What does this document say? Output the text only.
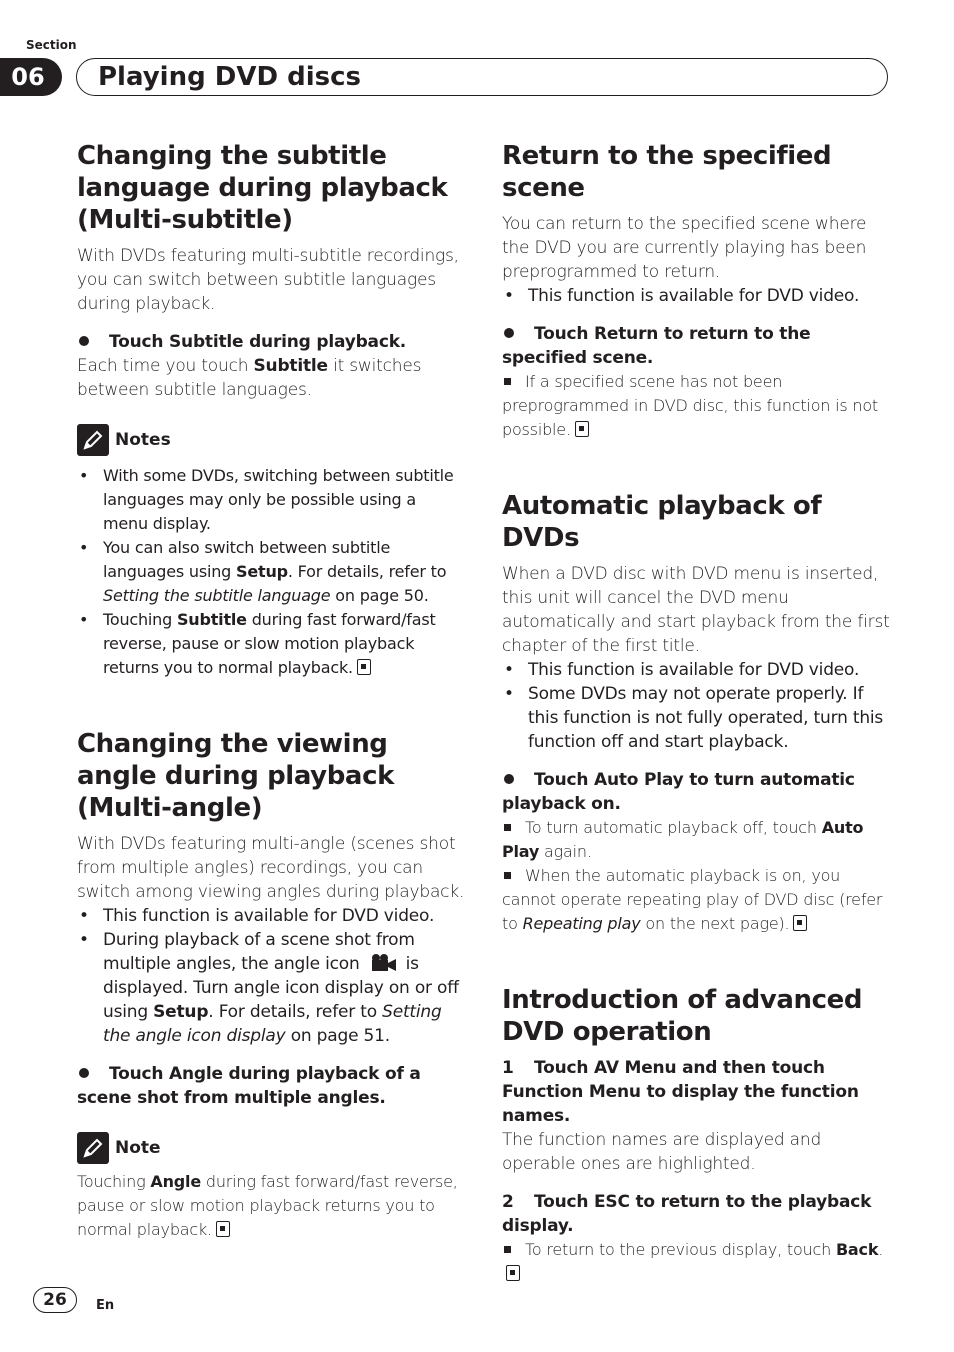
Section
06	Playing DVD discs
Changing the subtitle language during playback (Multi-subtitle)

With DVDs featuring multi-subtitle recordings, you can switch between subtitle languages during playback.

Touch Subtitle during playback.

Each time you touch Subtitle it switches between subtitle languages.

Notes
• With some DVDs, switching between subtitle languages may only be possible using a menu display.
• You can also switch between subtitle languages using Setup. For details, refer to Setting the subtitle language on page 50.
• Touching Subtitle during fast forward/fast reverse, pause or slow motion playback returns you to normal playback.
Changing the viewing angle during playback (Multi-angle)

With DVDs featuring multi-angle (scenes shot from multiple angles) recordings, you can switch among viewing angles during playback.

• This function is available for DVD video.
• During playback of a scene shot from multiple angles, the angle icon	is displayed. Turn angle icon display on or off using Setup. For details, refer to Setting the angle icon display on page 51.

Touch Angle during playback of a scene shot from multiple angles.

Note

Touching Angle during fast forward/fast reverse, pause or slow motion playback returns you to normal playback.

Return to the specified scene

You can return to the specified scene where the DVD you are currently playing has been preprogrammed to return.

• This function is available for DVD video.

Touch Return to return to the specified scene.

If a specified scene has not been preprogrammed in DVD disc, this function is not possible.

Automatic playback of DVDs

When a DVD disc with DVD menu is inserted, this unit will cancel the DVD menu automatically and start playback from the first chapter of the first title.

• This function is available for DVD video.
• Some DVDs may not operate properly. If this function is not fully operated, turn this function off and start playback.

Touch Auto Play to turn automatic playback on.

To turn automatic playback off, touch Auto Play again.

When the automatic playback is on, you cannot operate repeating play of DVD disc (refer to Repeating play on the next page).

Introduction of advanced DVD operation

1 Touch AV Menu and then touch Function Menu to display the function names.

The function names are displayed and operable ones are highlighted.

2 Touch ESC to return to the playback display.

To return to the previous display, touch Back.

26	En
